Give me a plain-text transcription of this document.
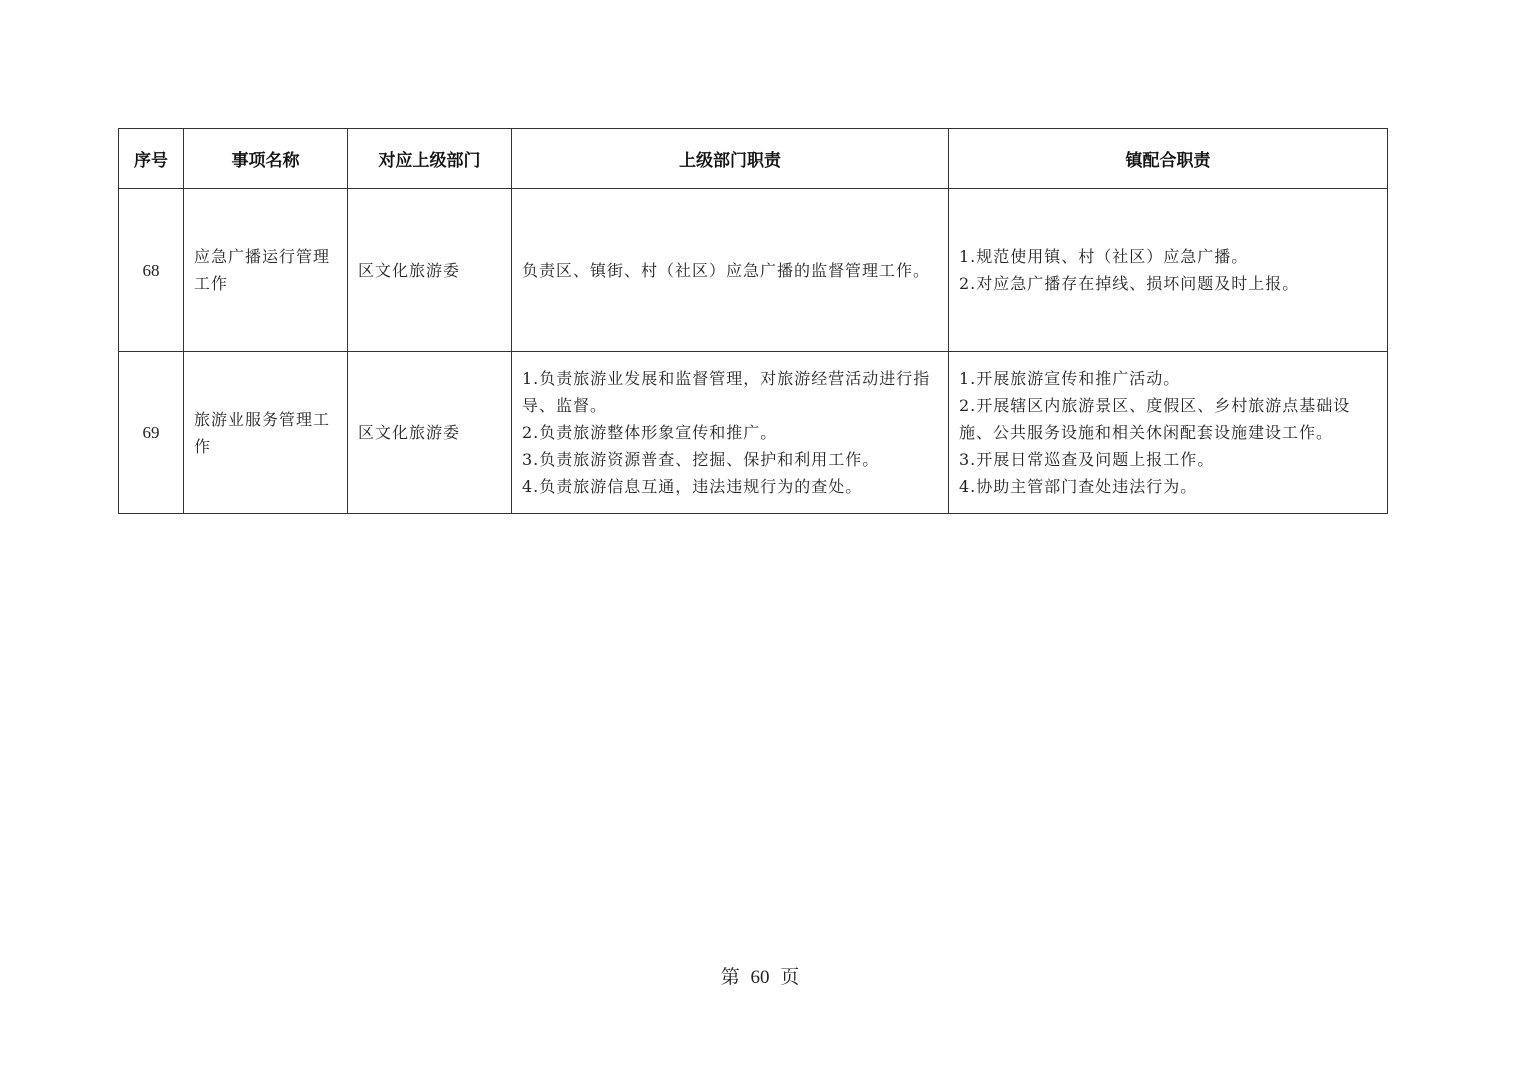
序号	事项名称	对应上级部门	上级部门职责	镇配合职责
68	应急广播运行管理工作	区文化旅游委	负责区、镇街、村（社区）应急广播的监督管理工作。	1.规范使用镇、村（社区）应急广播。
2.对应急广播存在掉线、损坏问题及时上报。

69	旅游业服务管理工作	区文化旅游委	1.负责旅游业发展和监督管理，对旅游经营活动进行指导、监督。
2.负责旅游整体形象宣传和推广。
3.负责旅游资源普查、挖掘、保护和利用工作。
4.负责旅游信息互通，违法违规行为的查处。	1.开展旅游宣传和推广活动。
2.开展辖区内旅游景区、度假区、乡村旅游点基础设施、公共服务设施和相关休闲配套设施建设工作。
3.开展日常巡查及问题上报工作。
4.协助主管部门查处违法行为。
第 60 页
